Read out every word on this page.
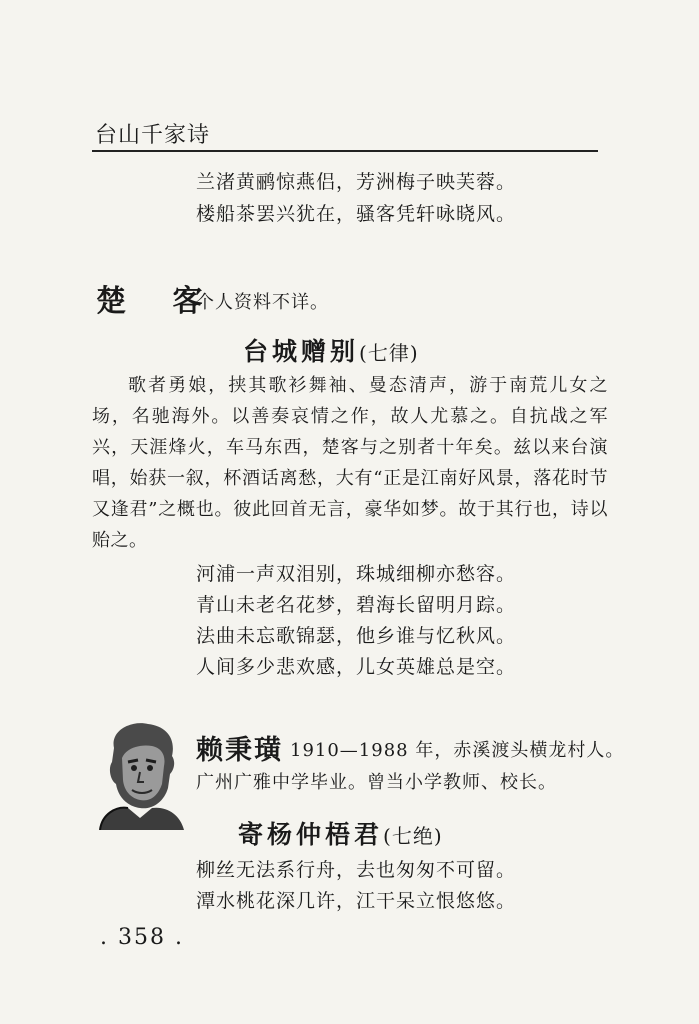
台山千家诗
兰渚黄鹂惊燕侣，芳洲梅子映芙蓉。
楼船茶罢兴犹在，骚客凭轩咏晓风。
楚 客
个人资料不详。
台城赠别(七律)
歌者勇娘，挟其歌衫舞袖、曼态清声，游于南荒儿女之场，名驰海外。以善奏哀情之作，故人尤慕之。自抗战之军兴，天涯烽火，车马东西，楚客与之别者十年矣。兹以来台演唱，始获一叙，杯酒话离愁，大有“正是江南好风景，落花时节又逢君”之概也。彼此回首无言，豪华如梦。故于其行也，诗以贻之。
河浦一声双泪别，珠城细柳亦愁容。
青山未老名花梦，碧海长留明月踪。
法曲未忘歌锦瑟，他乡谁与忆秋风。
人间多少悲欢感，儿女英雄总是空。
赖秉璜 1910—1988 年，赤溪渡头横龙村人。
广州广雅中学毕业。曾当小学教师、校长。
寄杨仲梧君(七绝)
柳丝无法系行舟，去也匆匆不可留。
潭水桃花深几许，江干呆立恨悠悠。
. 358 .
